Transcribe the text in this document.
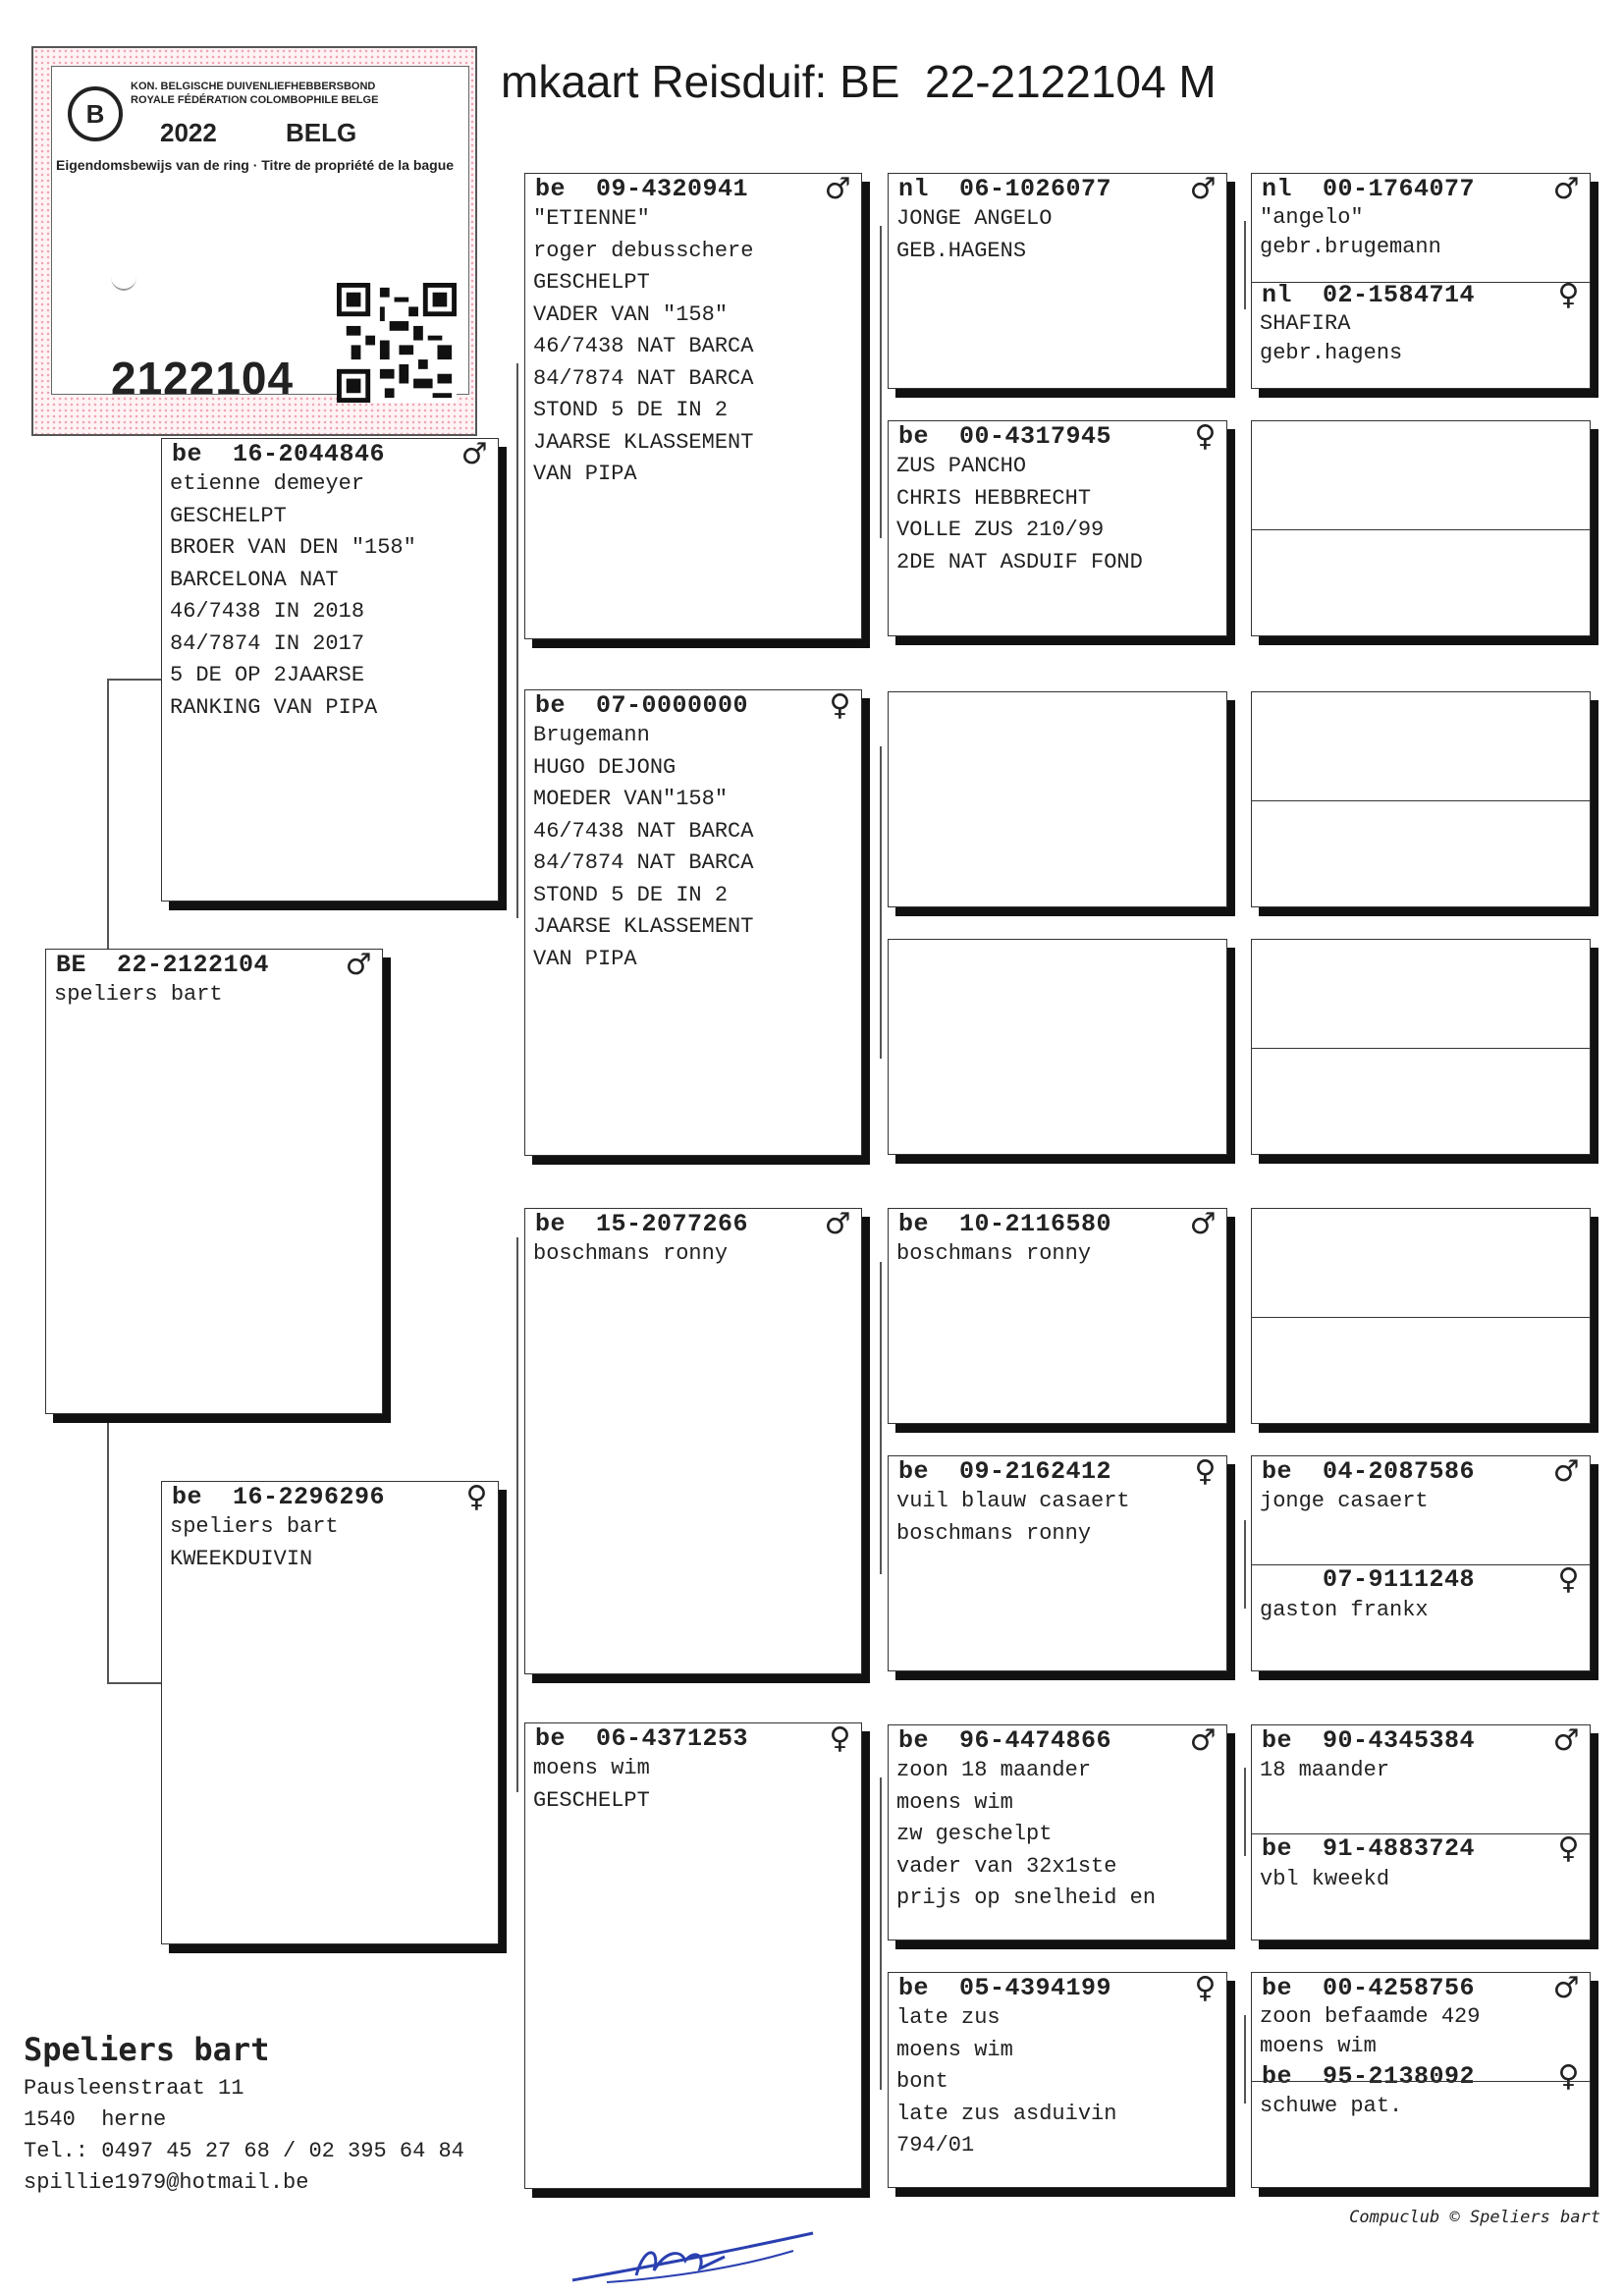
mkaart Reisduif: BE  22-2122104 M
B
KON. BELGISCHE DUIVENLIEFHEBBERSBOND
ROYALE FÉDÉRATION COLOMBOPHILE BELGE
2022	BELG
Eigendomsbewijs van de ring · Titre de propriété de la bague
2122104
BE	22-2122104	♂
speliers bart
be	16-2044846	♂
etienne demeyer
GESCHELPT
BROER VAN DEN "158"
BARCELONA NAT
46/7438 IN 2018
84/7874 IN 2017
5 DE OP 2JAARSE
RANKING VAN PIPA
be	16-2296296	♀
speliers bart
KWEEKDUIVIN
be	09-4320941	♂
"ETIENNE"
roger debusschere
GESCHELPT
VADER VAN "158"
46/7438 NAT BARCA
84/7874 NAT BARCA
STOND 5 DE IN 2
JAARSE KLASSEMENT
VAN PIPA
be	07-0000000	♀
Brugemann
HUGO DEJONG
MOEDER VAN"158"
46/7438 NAT BARCA
84/7874 NAT BARCA
STOND 5 DE IN 2
JAARSE KLASSEMENT
VAN PIPA
be	15-2077266	♂
boschmans ronny
be	06-4371253	♀
moens wim
GESCHELPT
nl	06-1026077	♂
JONGE ANGELO
GEB.HAGENS
be	00-4317945	♀
ZUS PANCHO
CHRIS HEBBRECHT
VOLLE ZUS 210/99
2DE NAT ASDUIF FOND
be	10-2116580	♂
boschmans ronny
be	09-2162412	♀
vuil blauw casaert
boschmans ronny
be	96-4474866	♂
zoon 18 maander
moens wim
zw geschelpt
vader van 32x1ste
prijs op snelheid en
be	05-4394199	♀
late zus
moens wim
bont
late zus asduivin
794/01
nl	00-1764077	♂
"angelo"
gebr.brugemann
nl	02-1584714	♀
SHAFIRA
gebr.hagens
be	04-2087586	♂
jonge casaert
07-9111248	♀
gaston frankx
be	90-4345384	♂
18 maander
be	91-4883724	♀
vbl kweekd
be	00-4258756	♂
zoon befaamde 429
moens wim
be	95-2138092	♀
schuwe pat.
Speliers bart
Pausleenstraat 11
1540  herne
Tel.: 0497 45 27 68 / 02 395 64 84
spillie1979@hotmail.be
Compuclub © Speliers bart
